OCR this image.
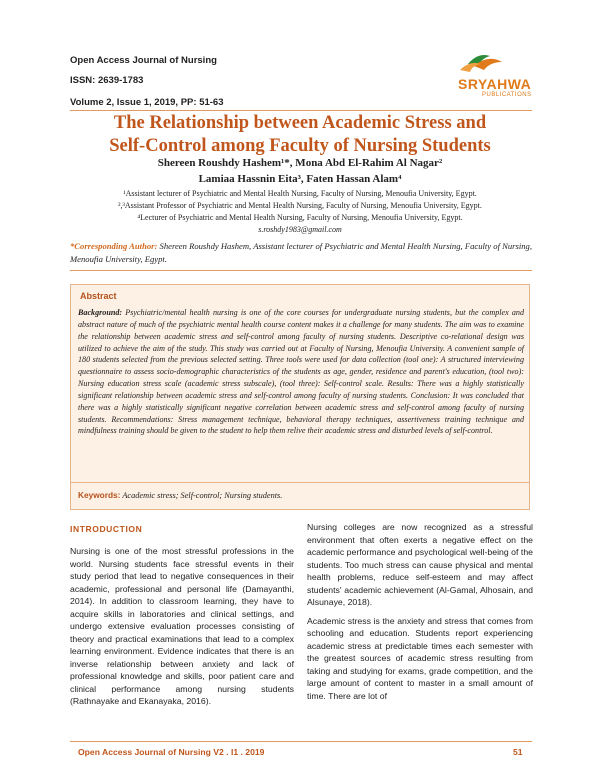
Open Access Journal of Nursing
ISSN: 2639-1783
Volume 2, Issue 1, 2019, PP: 51-63
SRYAHWA
PUBLICATIONS
The Relationship between Academic Stress and
Self-Control among Faculty of Nursing Students
Shereen Roushdy Hashem¹*, Mona Abd El-Rahim Al Nagar²
Lamiaa Hassnin Eita³, Faten Hassan Alam⁴
¹Assistant lecturer of Psychiatric and Mental Health Nursing, Faculty of Nursing, Menoufia University, Egypt.
²,³Assistant Professor of Psychiatric and Mental Health Nursing, Faculty of Nursing, Menoufia University, Egypt.
⁴Lecturer of Psychiatric and Mental Health Nursing, Faculty of Nursing, Menoufia University, Egypt.
s.roshdy1983@gmail.com
*Corresponding Author: Shereen Roushdy Hashem, Assistant lecturer of Psychiatric and Mental Health Nursing, Faculty of Nursing, Menoufia University, Egypt.
Abstract
Background: Psychiatric/mental health nursing is one of the core courses for undergraduate nursing students, but the complex and abstract nature of much of the psychiatric mental health course content makes it a challenge for many students. The aim was to examine the relationship between academic stress and self-control among faculty of nursing students. Descriptive co-relational design was utilized to achieve the aim of the study. This study was carried out at Faculty of Nursing, Menoufia University. A convenient sample of 180 students selected from the previous selected setting. Three tools were used for data collection (tool one): A structured interviewing questionnaire to assess socio-demographic characteristics of the students as age, gender, residence and parent's education, (tool two): Nursing education stress scale (academic stress subscale), (tool three): Self-control scale. Results: There was a highly statistically significant relationship between academic stress and self-control among faculty of nursing students. Conclusion: It was concluded that there was a highly statistically significant negative correlation between academic stress and self-control among faculty of nursing students. Recommendations: Stress management technique, behavioral therapy techniques, assertiveness training technique and mindfulness training should be given to the student to help them relive their academic stress and disturbed levels of self-control.
Keywords: Academic stress; Self-control; Nursing students.
INTRODUCTION

Nursing is one of the most stressful professions in the world. Nursing students face stressful events in their study period that lead to negative consequences in their academic, professional and personal life (Damayanthi, 2014). In addition to classroom learning, they have to acquire skills in laboratories and clinical settings, and undergo extensive evaluation processes consisting of theory and practical examinations that lead to a complex learning environment. Evidence indicates that there is an inverse relationship between anxiety and lack of professional knowledge and skills, poor patient care and clinical performance among nursing students (Rathnayake and Ekanayaka, 2016).

Nursing colleges are now recognized as a stressful environment that often exerts a negative effect on the academic performance and psychological well-being of the students. Too much stress can cause physical and mental health problems, reduce self-esteem and may affect students' academic achievement (Al-Gamal, Alhosain, and Alsunaye, 2018).

Academic stress is the anxiety and stress that comes from schooling and education. Students report experiencing academic stress at predictable times each semester with the greatest sources of academic stress resulting from taking and studying for exams, grade competition, and the large amount of content to master in a small amount of time. There are lot of

Open Access Journal of Nursing V2 . I1 . 2019	51
